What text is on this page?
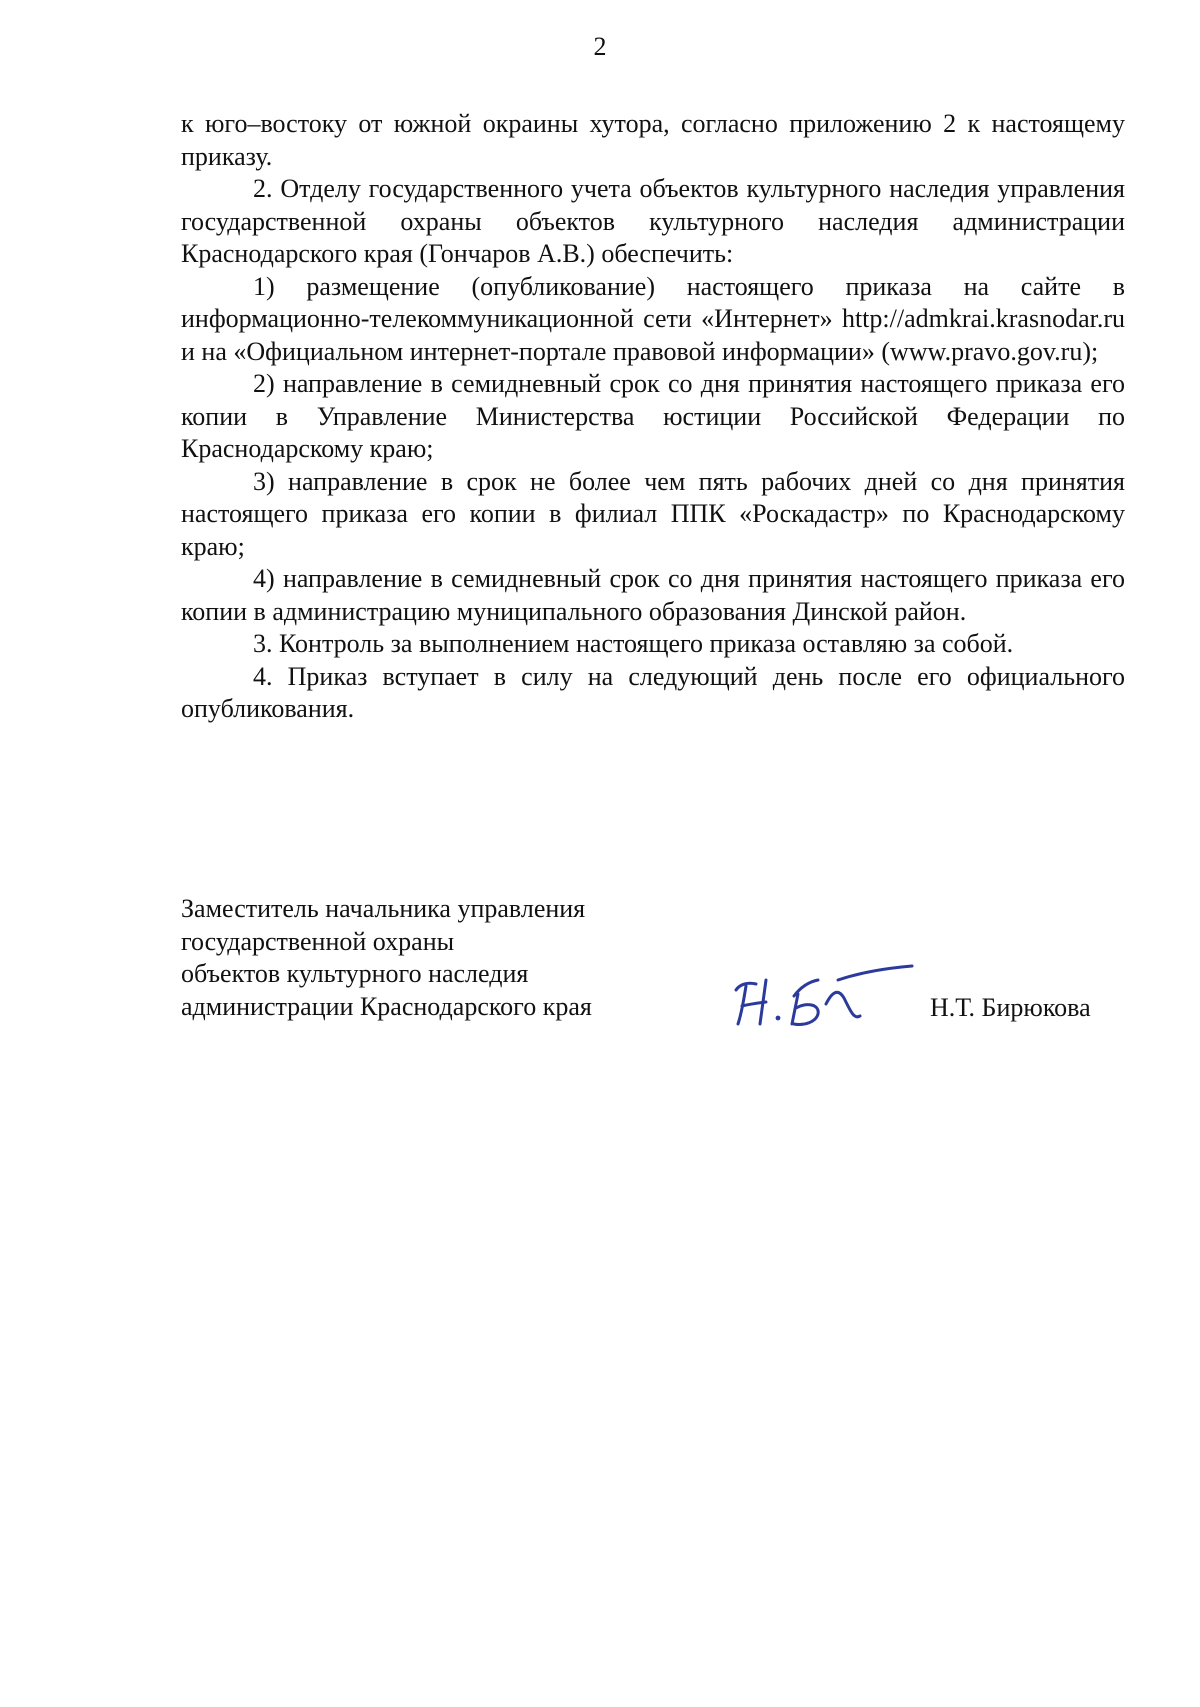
2

к юго–востоку от южной окраины хутора, согласно приложению 2 к настоящему приказу.

2. Отделу государственного учета объектов культурного наследия управления государственной охраны объектов культурного наследия администрации Краснодарского края (Гончаров А.В.) обеспечить:

1) размещение (опубликование) настоящего приказа на сайте в информационно-телекоммуникационной сети «Интернет» http://admkrai.krasnodar.ru и на «Официальном интернет-портале правовой информации» (www.pravo.gov.ru);

2) направление в семидневный срок со дня принятия настоящего приказа его копии в Управление Министерства юстиции Российской Федерации по Краснодарскому краю;

3) направление в срок не более чем пять рабочих дней со дня принятия настоящего приказа его копии в филиал ППК «Роскадастр» по Краснодарскому краю;

4) направление в семидневный срок со дня принятия настоящего приказа его копии в администрацию муниципального образования Динской район.

3. Контроль за выполнением настоящего приказа оставляю за собой.

4. Приказ вступает в силу на следующий день после его официального опубликования.

Заместитель начальника управления
государственной охраны
объектов культурного наследия
администрации Краснодарского края	Н.Т. Бирюкова
